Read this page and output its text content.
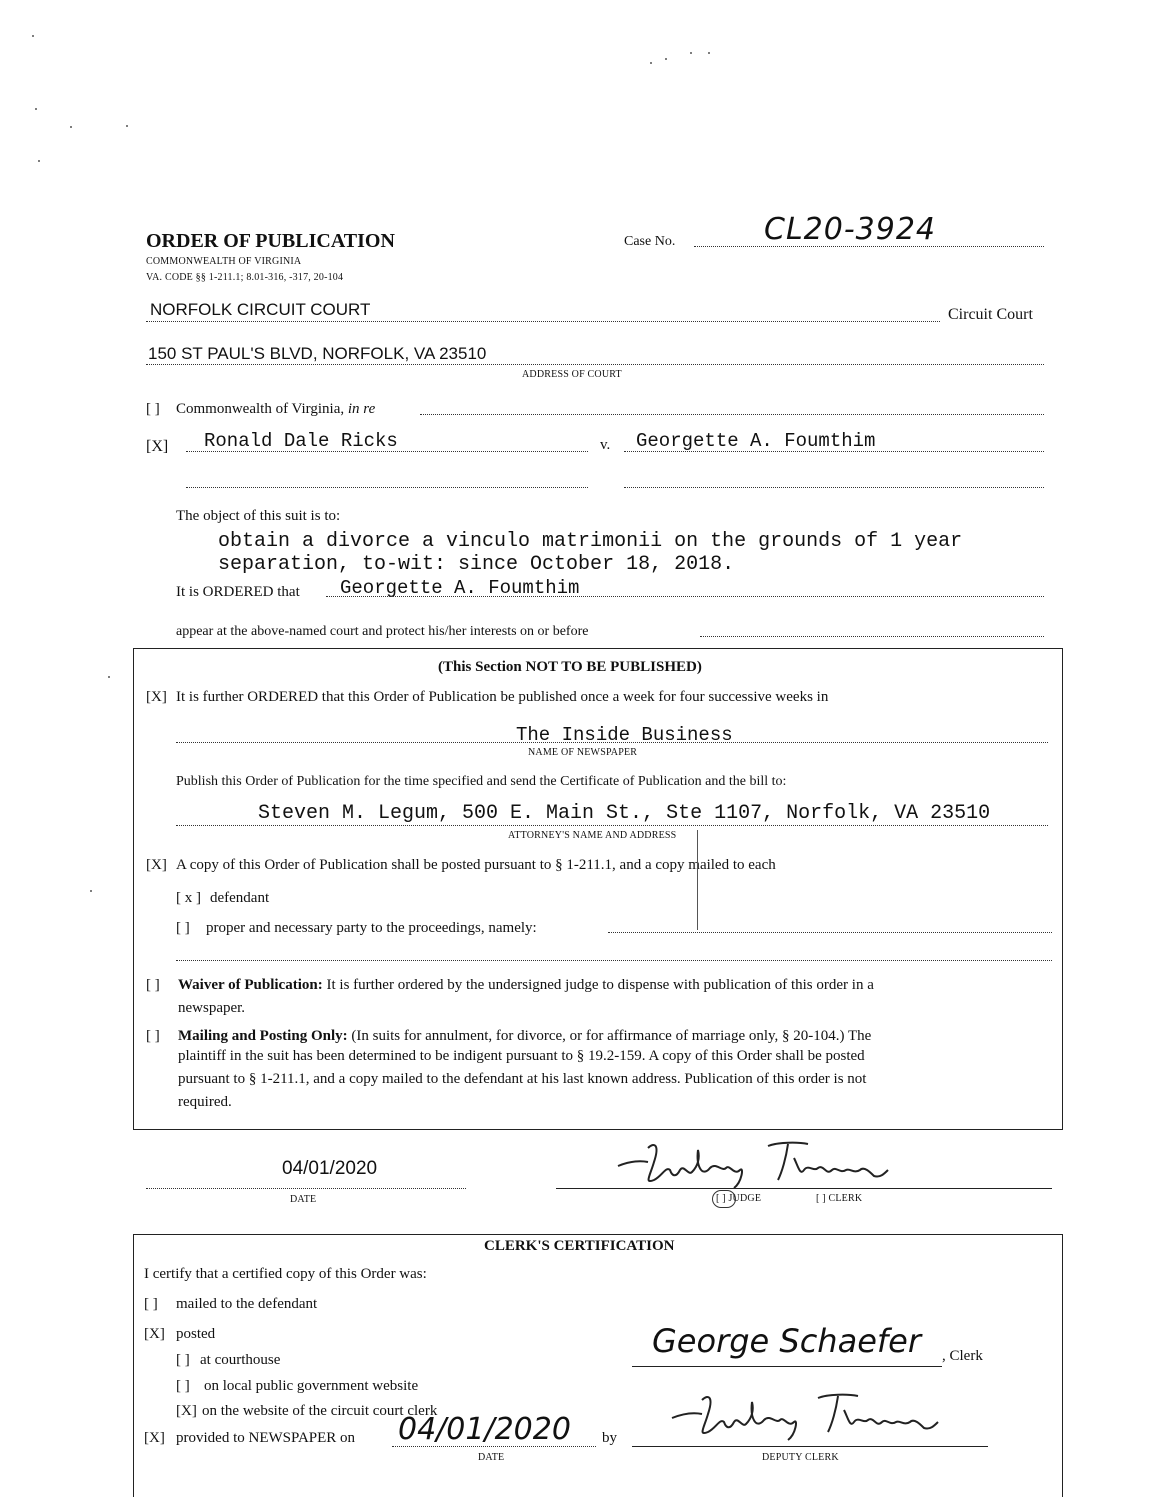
ORDER OF PUBLICATION
COMMONWEALTH OF VIRGINIA
VA. CODE §§ 1-211.1; 8.01-316, -317, 20-104
Case No.	CL20-3924
NORFOLK CIRCUIT COURT	Circuit Court
150 ST PAUL'S BLVD, NORFOLK, VA 23510
ADDRESS OF COURT
[ ] Commonwealth of Virginia, in re
[X] Ronald Dale Ricks	v. Georgette A. Foumthim
The object of this suit is to:
obtain a divorce a vinculo matrimonii on the grounds of 1 year
separation, to-wit: since October 18, 2018.
It is ORDERED that Georgette A. Foumthim
appear at the above-named court and protect his/her interests on or before
(This Section NOT TO BE PUBLISHED)
[X] It is further ORDERED that this Order of Publication be published once a week for four successive weeks in
The Inside Business
NAME OF NEWSPAPER
Publish this Order of Publication for the time specified and send the Certificate of Publication and the bill to:
Steven M. Legum, 500 E. Main St., Ste 1107, Norfolk, VA 23510
ATTORNEY'S NAME AND ADDRESS
[X] A copy of this Order of Publication shall be posted pursuant to § 1-211.1, and a copy mailed to each
[ x ] defendant
[ ] proper and necessary party to the proceedings, namely:
[ ] Waiver of Publication: It is further ordered by the undersigned judge to dispense with publication of this order in a
newspaper.
[ ] Mailing and Posting Only: (In suits for annulment, for divorce, or for affirmance of marriage only, § 20-104.) The
plaintiff in the suit has been determined to be indigent pursuant to § 19.2-159. A copy of this Order shall be posted
pursuant to § 1-211.1, and a copy mailed to the defendant at his last known address. Publication of this order is not
required.
04/01/2020
DATE	[ ] JUDGE	[ ] CLERK
CLERK'S CERTIFICATION
I certify that a certified copy of this Order was:
[ ] mailed to the defendant
[X] posted
[ ] at courthouse
[ ] on local public government website
[X] on the website of the circuit court clerk
[X] provided to NEWSPAPER on 04/01/2020 by
DATE
George Schaefer , Clerk
DEPUTY CLERK
